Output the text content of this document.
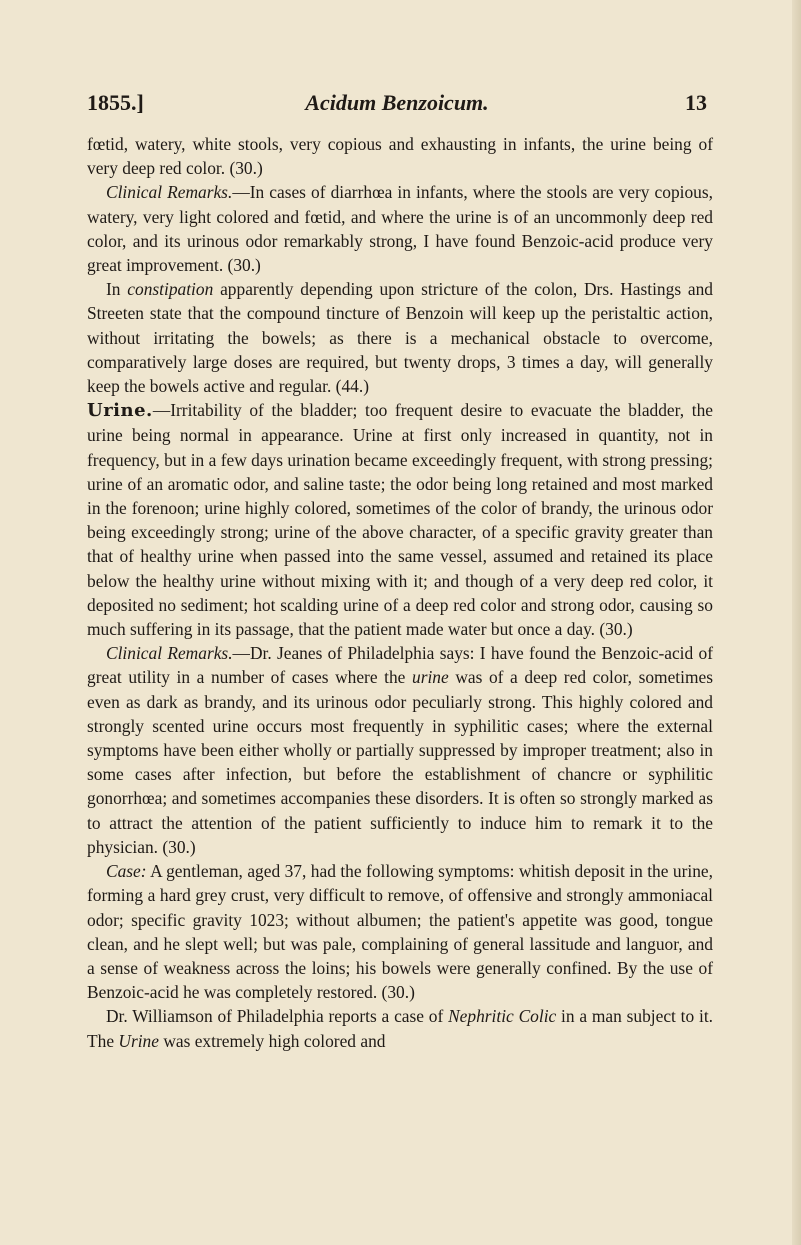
1855.]	Acidum Benzoicum.	13

fœtid, watery, white stools, very copious and exhausting in infants, the urine being of very deep red color. (30.)

Clinical Remarks.—In cases of diarrhœa in infants, where the stools are very copious, watery, very light colored and fœtid, and where the urine is of an uncommonly deep red color, and its urinous odor remarkably strong, I have found Benzoic-acid produce very great improvement. (30.)

In constipation apparently depending upon stricture of the colon, Drs. Hastings and Streeten state that the compound tincture of Benzoin will keep up the peristaltic action, without irritating the bowels; as there is a mechanical obstacle to overcome, comparatively large doses are required, but twenty drops, 3 times a day, will generally keep the bowels active and regular. (44.)

Urine.—Irritability of the bladder; too frequent desire to evacuate the bladder, the urine being normal in appearance. Urine at first only increased in quantity, not in frequency, but in a few days urination became exceedingly frequent, with strong pressing; urine of an aromatic odor, and saline taste; the odor being long retained and most marked in the forenoon; urine highly colored, sometimes of the color of brandy, the urinous odor being exceedingly strong; urine of the above character, of a specific gravity greater than that of healthy urine when passed into the same vessel, assumed and retained its place below the healthy urine without mixing with it; and though of a very deep red color, it deposited no sediment; hot scalding urine of a deep red color and strong odor, causing so much suffering in its passage, that the patient made water but once a day. (30.)

Clinical Remarks.—Dr. Jeanes of Philadelphia says: I have found the Benzoic-acid of great utility in a number of cases where the urine was of a deep red color, sometimes even as dark as brandy, and its urinous odor peculiarly strong. This highly colored and strongly scented urine occurs most frequently in syphilitic cases; where the external symptoms have been either wholly or partially suppressed by improper treatment; also in some cases after infection, but before the establishment of chancre or syphilitic gonorrhœa; and sometimes accompanies these disorders. It is often so strongly marked as to attract the attention of the patient sufficiently to induce him to remark it to the physician. (30.)

Case: A gentleman, aged 37, had the following symptoms: whitish deposit in the urine, forming a hard grey crust, very difficult to remove, of offensive and strongly ammoniacal odor; specific gravity 1023; without albumen; the patient's appetite was good, tongue clean, and he slept well; but was pale, complaining of general lassitude and languor, and a sense of weakness across the loins; his bowels were generally confined. By the use of Benzoic-acid he was completely restored. (30.)

Dr. Williamson of Philadelphia reports a case of Nephritic Colic in a man subject to it. The Urine was extremely high colored and
